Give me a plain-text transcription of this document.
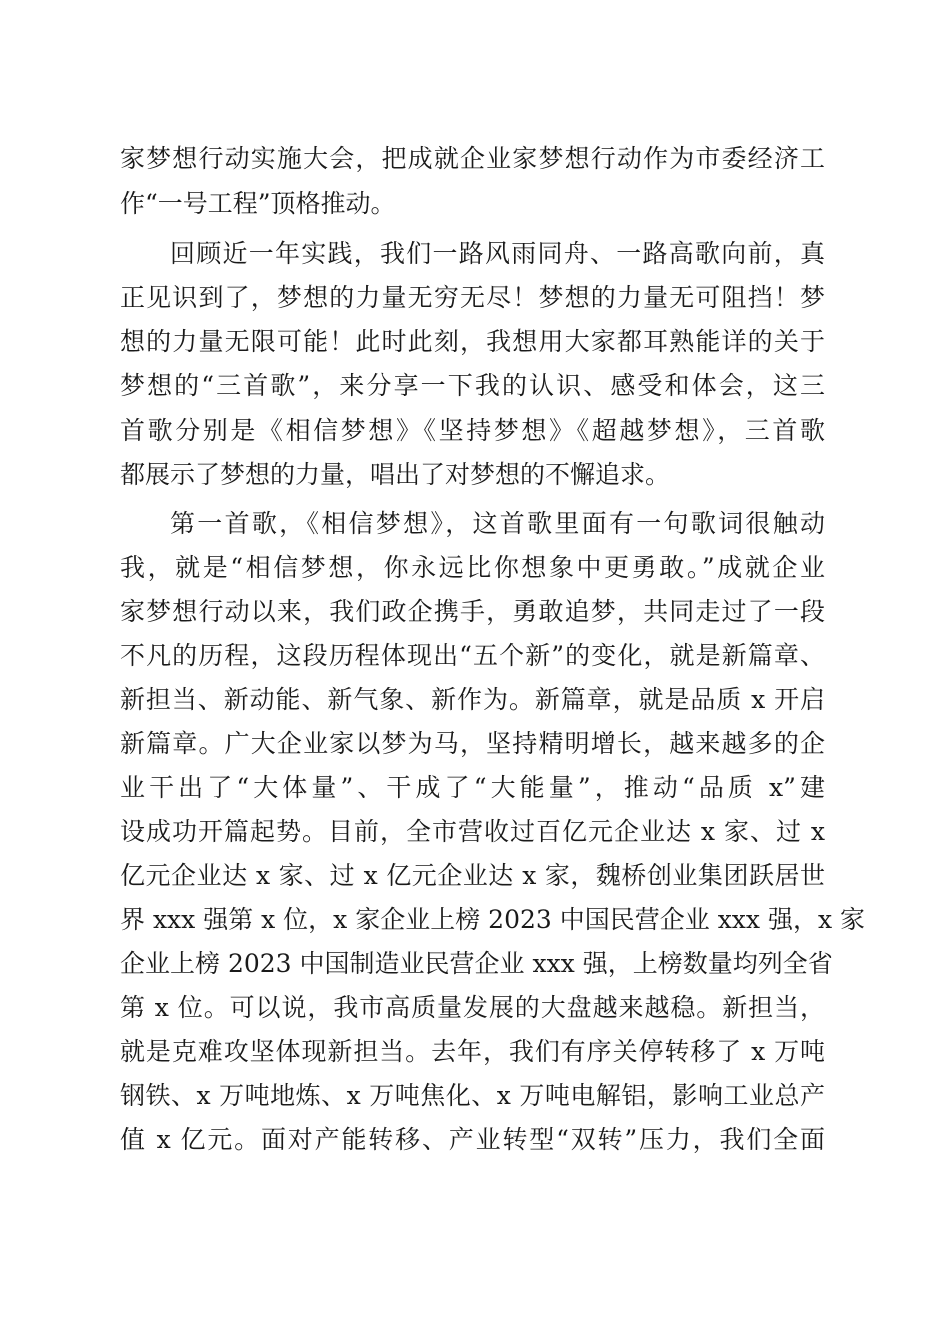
家梦想行动实施大会，把成就企业家梦想行动作为市委经济工
作“一号工程”顶格推动。
回顾近一年实践，我们一路风雨同舟、一路高歌向前，真
正见识到了，梦想的力量无穷无尽！梦想的力量无可阻挡！梦
想的力量无限可能！此时此刻，我想用大家都耳熟能详的关于
梦想的“三首歌”，来分享一下我的认识、感受和体会，这三
首歌分别是《相信梦想》《坚持梦想》《超越梦想》，三首歌
都展示了梦想的力量，唱出了对梦想的不懈追求。
第一首歌，《相信梦想》，这首歌里面有一句歌词很触动
我，就是“相信梦想，你永远比你想象中更勇敢。”成就企业
家梦想行动以来，我们政企携手，勇敢追梦，共同走过了一段
不凡的历程，这段历程体现出“五个新”的变化，就是新篇章、
新担当、新动能、新气象、新作为。新篇章，就是品质 x 开启
新篇章。广大企业家以梦为马，坚持精明增长，越来越多的企
业干出了“大体量”、干成了“大能量”，推动“品质 x”建
设成功开篇起势。目前，全市营收过百亿元企业达 x 家、过 x
亿元企业达 x 家、过 x 亿元企业达 x 家，魏桥创业集团跃居世
界 xxx 强第 x 位，x 家企业上榜 2023 中国民营企业 xxx 强，x 家
企业上榜 2023 中国制造业民营企业 xxx 强，上榜数量均列全省
第 x 位。可以说，我市高质量发展的大盘越来越稳。新担当，
就是克难攻坚体现新担当。去年，我们有序关停转移了 x 万吨
钢铁、x 万吨地炼、x 万吨焦化、x 万吨电解铝，影响工业总产
值 x 亿元。面对产能转移、产业转型“双转”压力，我们全面
